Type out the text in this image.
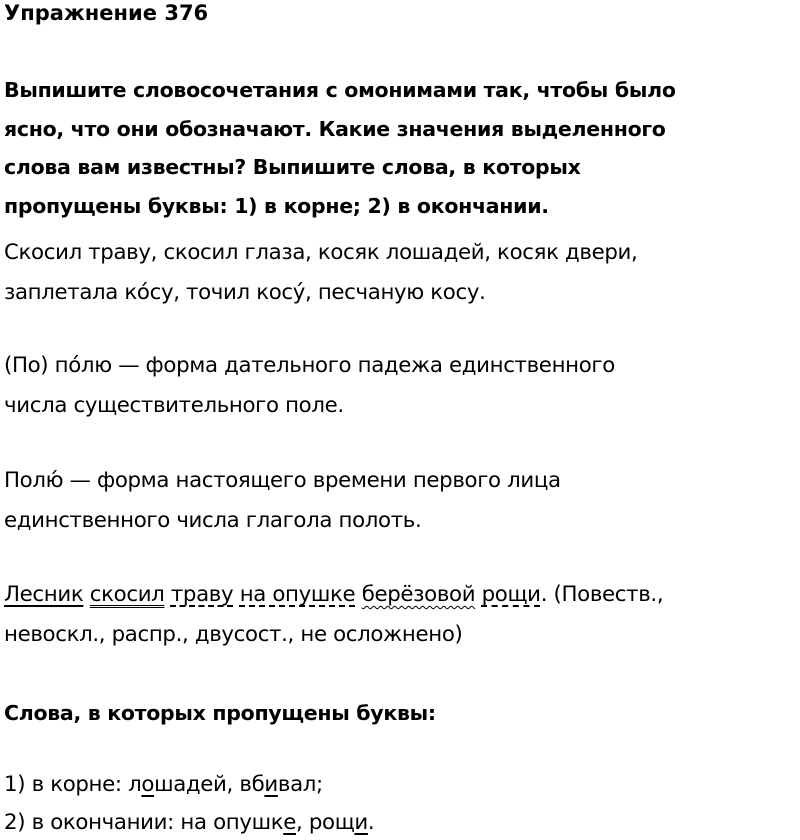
Упражнение 376
Выпишите словосочетания с омонимами так, чтобы было
ясно, что они обозначают. Какие значения выделенного
слова вам известны? Выпишите слова, в которых
пропущены буквы: 1) в корне; 2) в окончании.
Скосил траву, скосил глаза, косяк лошадей, косяк двери,
заплетала ко́су, точил косу́, песчаную косу.
(По) по́лю — форма дательного падежа единственного
числа существительного поле.
Полю́ — форма настоящего времени первого лица
единственного числа глагола полоть.
Лесник скосил траву на опушке берёзовой рощи. (Повеств.,
невоскл., распр., двусост., не осложнено)
Слова, в которых пропущены буквы:
1) в корне: лошадей, вбивал;
2) в окончании: на опушке, рощи.
